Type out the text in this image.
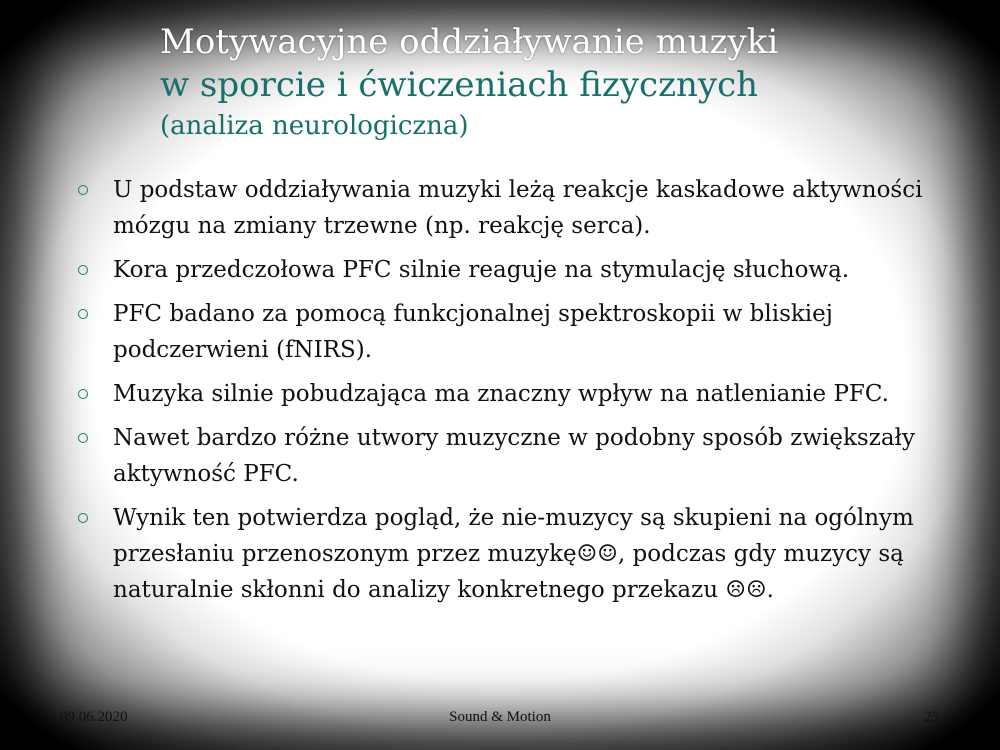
Motywacyjne oddziaływanie muzyki
w sporcie i ćwiczeniach fizycznych
(analiza neurologiczna)
U podstaw oddziaływania muzyki leżą reakcje kaskadowe aktywności mózgu na zmiany trzewne (np. reakcję serca).
Kora przedczołowa PFC silnie reaguje na stymulację słuchową.
PFC badano za pomocą funkcjonalnej spektroskopii w bliskiej podczerwieni (fNIRS).
Muzyka silnie pobudzająca ma znaczny wpływ na natlenianie PFC.
Nawet bardzo różne utwory muzyczne w podobny sposób zwiększały aktywność PFC.
Wynik ten potwierdza pogląd, że nie-muzycy są skupieni na ogólnym przesłaniu przenoszonym przez muzykę☺☺, podczas gdy muzycy są naturalnie skłonni do analizy konkretnego przekazu ☹☹.
09.06.2020	Sound & Motion	25
